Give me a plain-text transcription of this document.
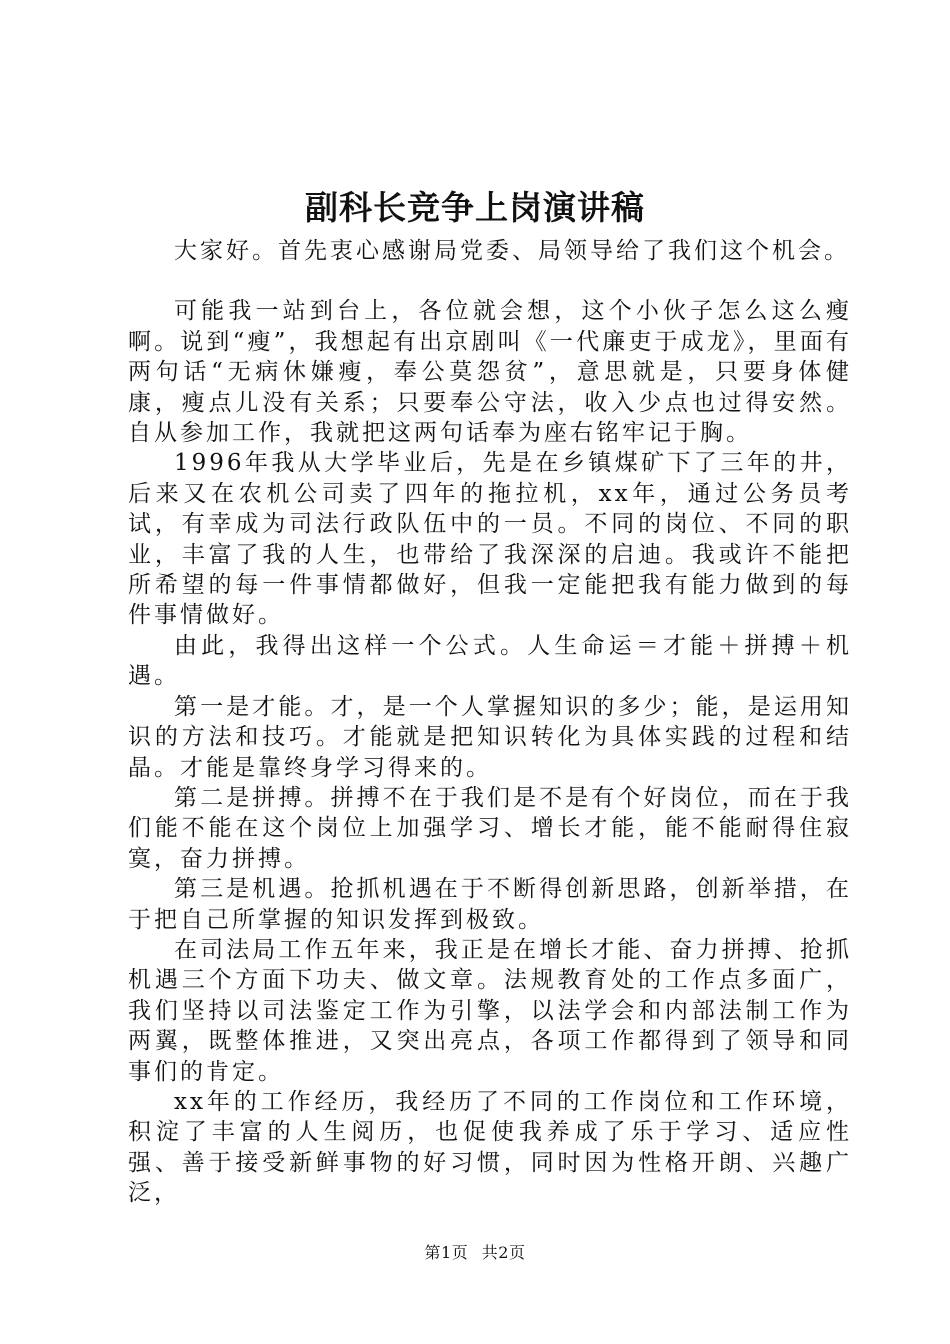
副科长竞争上岗演讲稿

大家好。首先衷心感谢局党委、局领导给了我们这个机会。

可能我一站到台上，各位就会想，这个小伙子怎么这么瘦啊。说到“瘦”，我想起有出京剧叫《一代廉吏于成龙》，里面有两句话“无病休嫌瘦，奉公莫怨贫”，意思就是，只要身体健康，瘦点儿没有关系；只要奉公守法，收入少点也过得安然。自从参加工作，我就把这两句话奉为座右铭牢记于胸。

1996年我从大学毕业后，先是在乡镇煤矿下了三年的井，后来又在农机公司卖了四年的拖拉机，xx年，通过公务员考试，有幸成为司法行政队伍中的一员。不同的岗位、不同的职业，丰富了我的人生，也带给了我深深的启迪。我或许不能把所希望的每一件事情都做好，但我一定能把我有能力做到的每件事情做好。

由此，我得出这样一个公式。人生命运＝才能＋拼搏＋机遇。

第一是才能。才，是一个人掌握知识的多少；能，是运用知识的方法和技巧。才能就是把知识转化为具体实践的过程和结晶。才能是靠终身学习得来的。

第二是拼搏。拼搏不在于我们是不是有个好岗位，而在于我们能不能在这个岗位上加强学习、增长才能，能不能耐得住寂寞，奋力拼搏。

第三是机遇。抢抓机遇在于不断得创新思路，创新举措，在于把自己所掌握的知识发挥到极致。

在司法局工作五年来，我正是在增长才能、奋力拼搏、抢抓机遇三个方面下功夫、做文章。法规教育处的工作点多面广，我们坚持以司法鉴定工作为引擎，以法学会和内部法制工作为两翼，既整体推进，又突出亮点，各项工作都得到了领导和同事们的肯定。

xx年的工作经历，我经历了不同的工作岗位和工作环境，积淀了丰富的人生阅历，也促使我养成了乐于学习、适应性强、善于接受新鲜事物的好习惯，同时因为性格开朗、兴趣广泛，

第1页 共2页
